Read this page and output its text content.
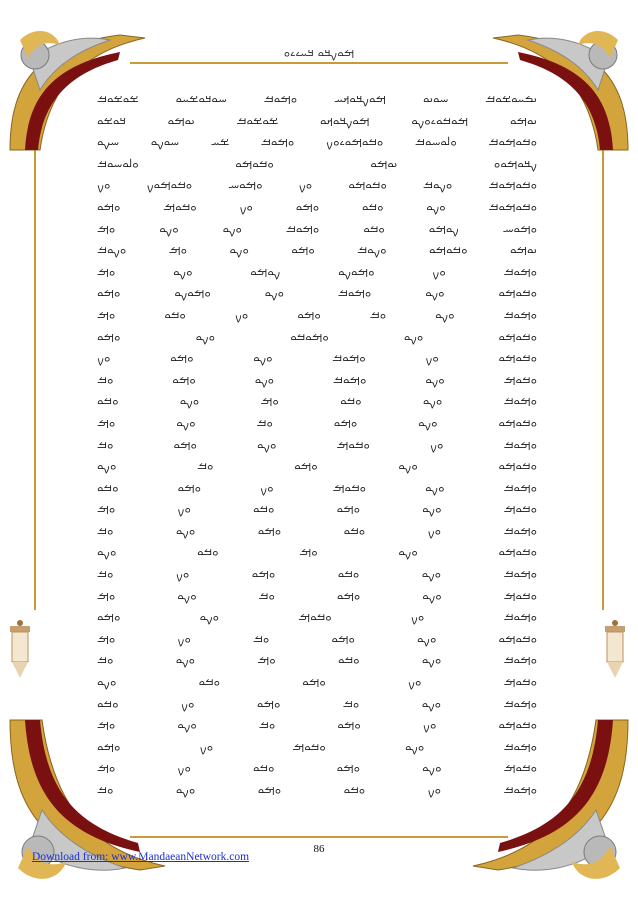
ࡌࡀࡍࡃࡀ ࡃࡄࡉࡉࡀ
ࡅࡏࡄࡀࡁࡀࡓ ࡄࡀࡅࡀ ࡌࡀࡍࡃࡀࡕࡄ ࡀࡌࡀࡓ ࡄࡀࡃࡀࡁࡄࡀ ࡁࡀࡁࡀࡓ
ࡅࡀࡌࡀ ࡌࡀࡓࡀࡉࡀࡍࡀ ࡌࡀࡍࡃࡀࡕࡀ ࡁࡀࡁࡀࡓ ࡅࡀࡌࡀ ࡃࡀࡁࡀ
ࡀࡓࡀࡌࡀࡓ ࡀࡋࡀࡄࡀࡓ ࡀࡓࡀࡌࡀࡉࡀࡍ ࡀࡌࡀࡓ ࡁࡄ ࡄࡀࡍࡀ ࡄࡍࡀ
ࡍࡃࡀࡌࡀࡀ ࡅࡀࡌࡀ ࡀࡓࡀࡌࡀ ࡀࡋࡀࡄࡀࡓ
ࡀࡓࡀࡌࡀࡓ ࡀࡍࡀࡓ ࡀࡓࡀࡌࡀ ࡀࡍ ࡀࡌࡀࡄ ࡀࡓࡀࡌࡀࡍ ࡀࡍ
ࡀࡓࡀࡌࡀࡓ ࡀࡍࡀ ࡀࡓࡀ ࡀࡌࡀ ࡀࡍ ࡀࡓࡀࡌ ࡀࡌࡀ
ࡀࡌࡀࡄ ࡍࡀࡌࡀ ࡀࡓࡀ ࡀࡌࡀࡓ ࡀࡍࡀ ࡀࡍࡀ ࡀࡌ
ࡅࡀࡌࡀ ࡀࡓࡀࡌࡀ ࡀࡍࡀࡓ ࡀࡌࡀ ࡀࡍࡀ ࡀࡌ ࡀࡍࡀࡓ
ࡀࡌࡀࡓ ࡀࡍ ࡀࡌࡀࡍࡀ ࡍࡀࡌࡀ ࡀࡍࡀ ࡀࡌ
ࡀࡓࡀࡌࡀ ࡀࡍࡀ ࡀࡌࡀࡓ ࡀࡍࡀ ࡀࡌࡀࡍࡀ ࡀࡌࡀ
ࡀࡌࡀࡓ ࡀࡍࡀ ࡀࡓ ࡀࡌࡀ ࡀࡍ ࡀࡓࡀ ࡀࡌ
ࡀࡓࡀࡌࡀ ࡀࡍࡀ ࡀࡌࡀࡓࡀ ࡀࡍࡀ ࡀࡌࡀ
ࡀࡓࡀࡌࡀ ࡀࡍ ࡀࡌࡀࡓ ࡀࡍࡀ ࡀࡌࡀ ࡀࡍ
ࡀࡓࡀࡌ ࡀࡍࡀ ࡀࡌࡀࡓ ࡀࡍࡀ ࡀࡌࡀ ࡀࡓ
ࡀࡌࡀࡓ ࡀࡍࡀ ࡀࡓࡀ ࡀࡌ ࡀࡍࡀ ࡀࡓࡀ
ࡀࡓࡀࡌࡀ ࡀࡍࡀ ࡀࡌࡀ ࡀࡓ ࡀࡍࡀ ࡀࡌ
ࡀࡌࡀࡓ ࡀࡍ ࡀࡓࡀࡌ ࡀࡍࡀ ࡀࡌࡀ ࡀࡓ
ࡀࡓࡀࡌࡀ ࡀࡍࡀ ࡀࡌࡀ ࡀࡓ ࡀࡍࡀ
ࡀࡌࡀࡓ ࡀࡍࡀ ࡀࡓࡀࡌ ࡀࡍ ࡀࡌࡀ ࡀࡓࡀ
ࡀࡓࡀࡌ ࡀࡍࡀ ࡀࡌࡀ ࡀࡓࡀ ࡀࡍ ࡀࡌ
ࡀࡌࡀࡓ ࡀࡍ ࡀࡓࡀ ࡀࡌࡀ ࡀࡍࡀ ࡀࡓ
ࡀࡓࡀࡌࡀ ࡀࡍࡀ ࡀࡌ ࡀࡓࡀ ࡀࡍࡀ
ࡀࡌࡀࡓ ࡀࡍࡀ ࡀࡓࡀ ࡀࡌࡀ ࡀࡍ ࡀࡓ
ࡀࡓࡀࡌ ࡀࡍࡀ ࡀࡌࡀ ࡀࡓ ࡀࡍࡀ ࡀࡌ
ࡀࡌࡀࡓ ࡀࡍ ࡀࡓࡀࡌ ࡀࡍࡀ ࡀࡌࡀ
ࡀࡓࡀࡌࡀ ࡀࡍࡀ ࡀࡌࡀ ࡀࡓ ࡀࡍ ࡀࡌ
ࡀࡌࡀࡓ ࡀࡍࡀ ࡀࡓࡀ ࡀࡌ ࡀࡍࡀ ࡀࡓ
ࡀࡓࡀࡌ ࡀࡍ ࡀࡌࡀ ࡀࡓࡀ ࡀࡍࡀ
ࡀࡌࡀࡓ ࡀࡍࡀ ࡀࡓ ࡀࡌࡀ ࡀࡍ ࡀࡓࡀ
ࡀࡓࡀࡌࡀ ࡀࡍ ࡀࡌࡀ ࡀࡓ ࡀࡍࡀ ࡀࡌ
ࡀࡌࡀࡓ ࡀࡍࡀ ࡀࡓࡀࡌ ࡀࡍ ࡀࡌࡀ
ࡀࡓࡀࡌ ࡀࡍࡀ ࡀࡌࡀ ࡀࡓࡀ ࡀࡍ ࡀࡌ
ࡀࡌࡀࡓ ࡀࡍ ࡀࡓࡀ ࡀࡌࡀ ࡀࡍࡀ ࡀࡓ
86
Download from: www.MandaeanNetwork.com
